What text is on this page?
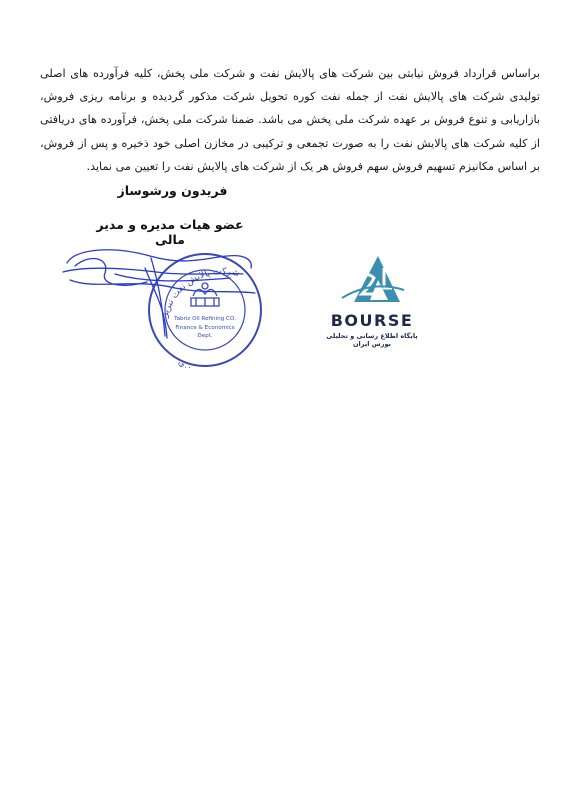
براساس قرارداد فروش نیابتی بین شرکت های پالایش نفت و شرکت ملی پخش، کلیه فرآورده های اصلی تولیدی شرکت های پالایش نفت از جمله نفت کوره تحویل شرکت مذکور گردیده و برنامه ریزی فروش، بازاریابی و تنوع فروش بر عهده شرکت ملی پخش می باشد. ضمنا شرکت ملی پخش، فرآورده های دریافتی از کلیه شرکت های پالایش نفت را به صورت تجمعی و ترکیبی در مخازن اصلی خود ذخیره و پس از فروش، بر اساس مکانیزم تسهیم فروش سهم فروش هر یک از شرکت های پالایش نفت را تعیین می نماید.
فریدون ورشوساز
عضو هیات مدیره و مدیر مالی
شرکت پالایش نفت تبریز
دی
Tabriz Oil Refining CO.
Finance & Economics
Dept.
BOURSE
پایگاه اطلاع رسانی و تحلیلی بورس ایران
